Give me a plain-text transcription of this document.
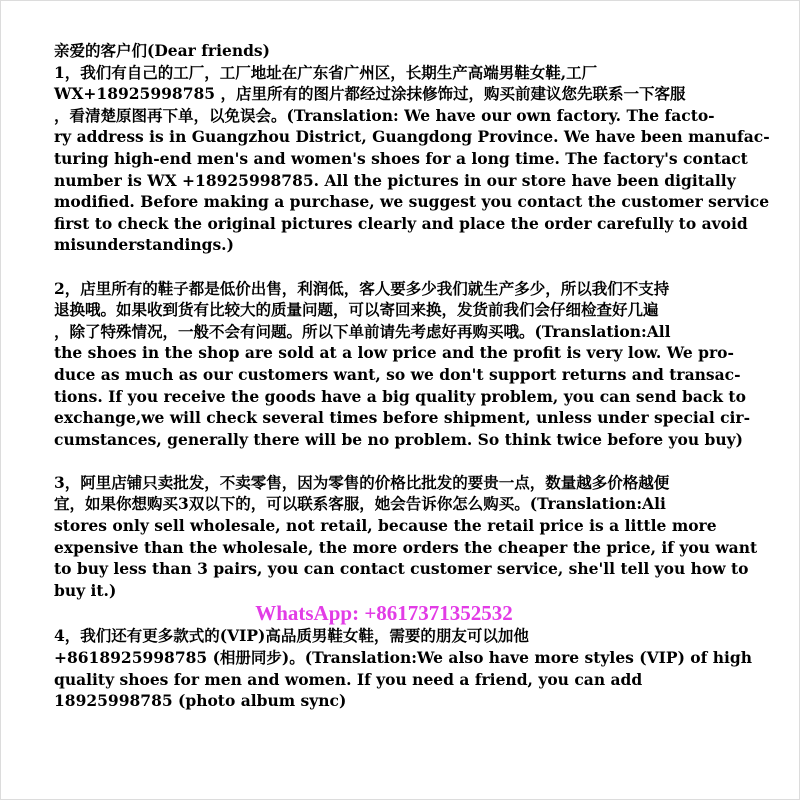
亲爱的客户们(Dear friends)

1，我们有自己的工厂，工厂地址在广东省广州区，长期生产高端男鞋女鞋,工厂
WX+18925998785 ，店里所有的图片都经过涂抹修饰过，购买前建议您先联系一下客服
，看清楚原图再下单，以免误会。(Translation: We have our own factory. The facto-
ry address is in Guangzhou District, Guangdong Province. We have been manufac-
turing high-end men's and women's shoes for a long time. The factory's contact
number is WX +18925998785. All the pictures in our store have been digitally
modified. Before making a purchase, we suggest you contact the customer service
first to check the original pictures clearly and place the order carefully to avoid
misunderstandings.)

2，店里所有的鞋子都是低价出售，利润低，客人要多少我们就生产多少，所以我们不支持
退换哦。如果收到货有比较大的质量问题，可以寄回来换，发货前我们会仔细检查好几遍
，除了特殊情况，一般不会有问题。所以下单前请先考虑好再购买哦。(Translation:All
the shoes in the shop are sold at a low price and the profit is very low. We pro-
duce as much as our customers want, so we don't support returns and transac-
tions. If you receive the goods have a big quality problem, you can send back to
exchange,we will check several times before shipment, unless under special cir-
cumstances, generally there will be no problem. So think twice before you buy)

3，阿里店铺只卖批发，不卖零售，因为零售的价格比批发的要贵一点，数量越多价格越便
宜，如果你想购买3双以下的，可以联系客服，她会告诉你怎么购买。(Translation:Ali
stores only sell wholesale, not retail, because the retail price is a little more
expensive than the wholesale, the more orders the cheaper the price, if you want
to buy less than 3 pairs, you can contact customer service, she'll tell you how to
buy it.)

WhatsApp: +8617371352532

4，我们还有更多款式的(VIP)高品质男鞋女鞋，需要的朋友可以加他
+8618925998785 (相册同步)。(Translation:We also have more styles (VIP) of high
quality shoes for men and women. If you need a friend, you can add
18925998785 (photo album sync)
